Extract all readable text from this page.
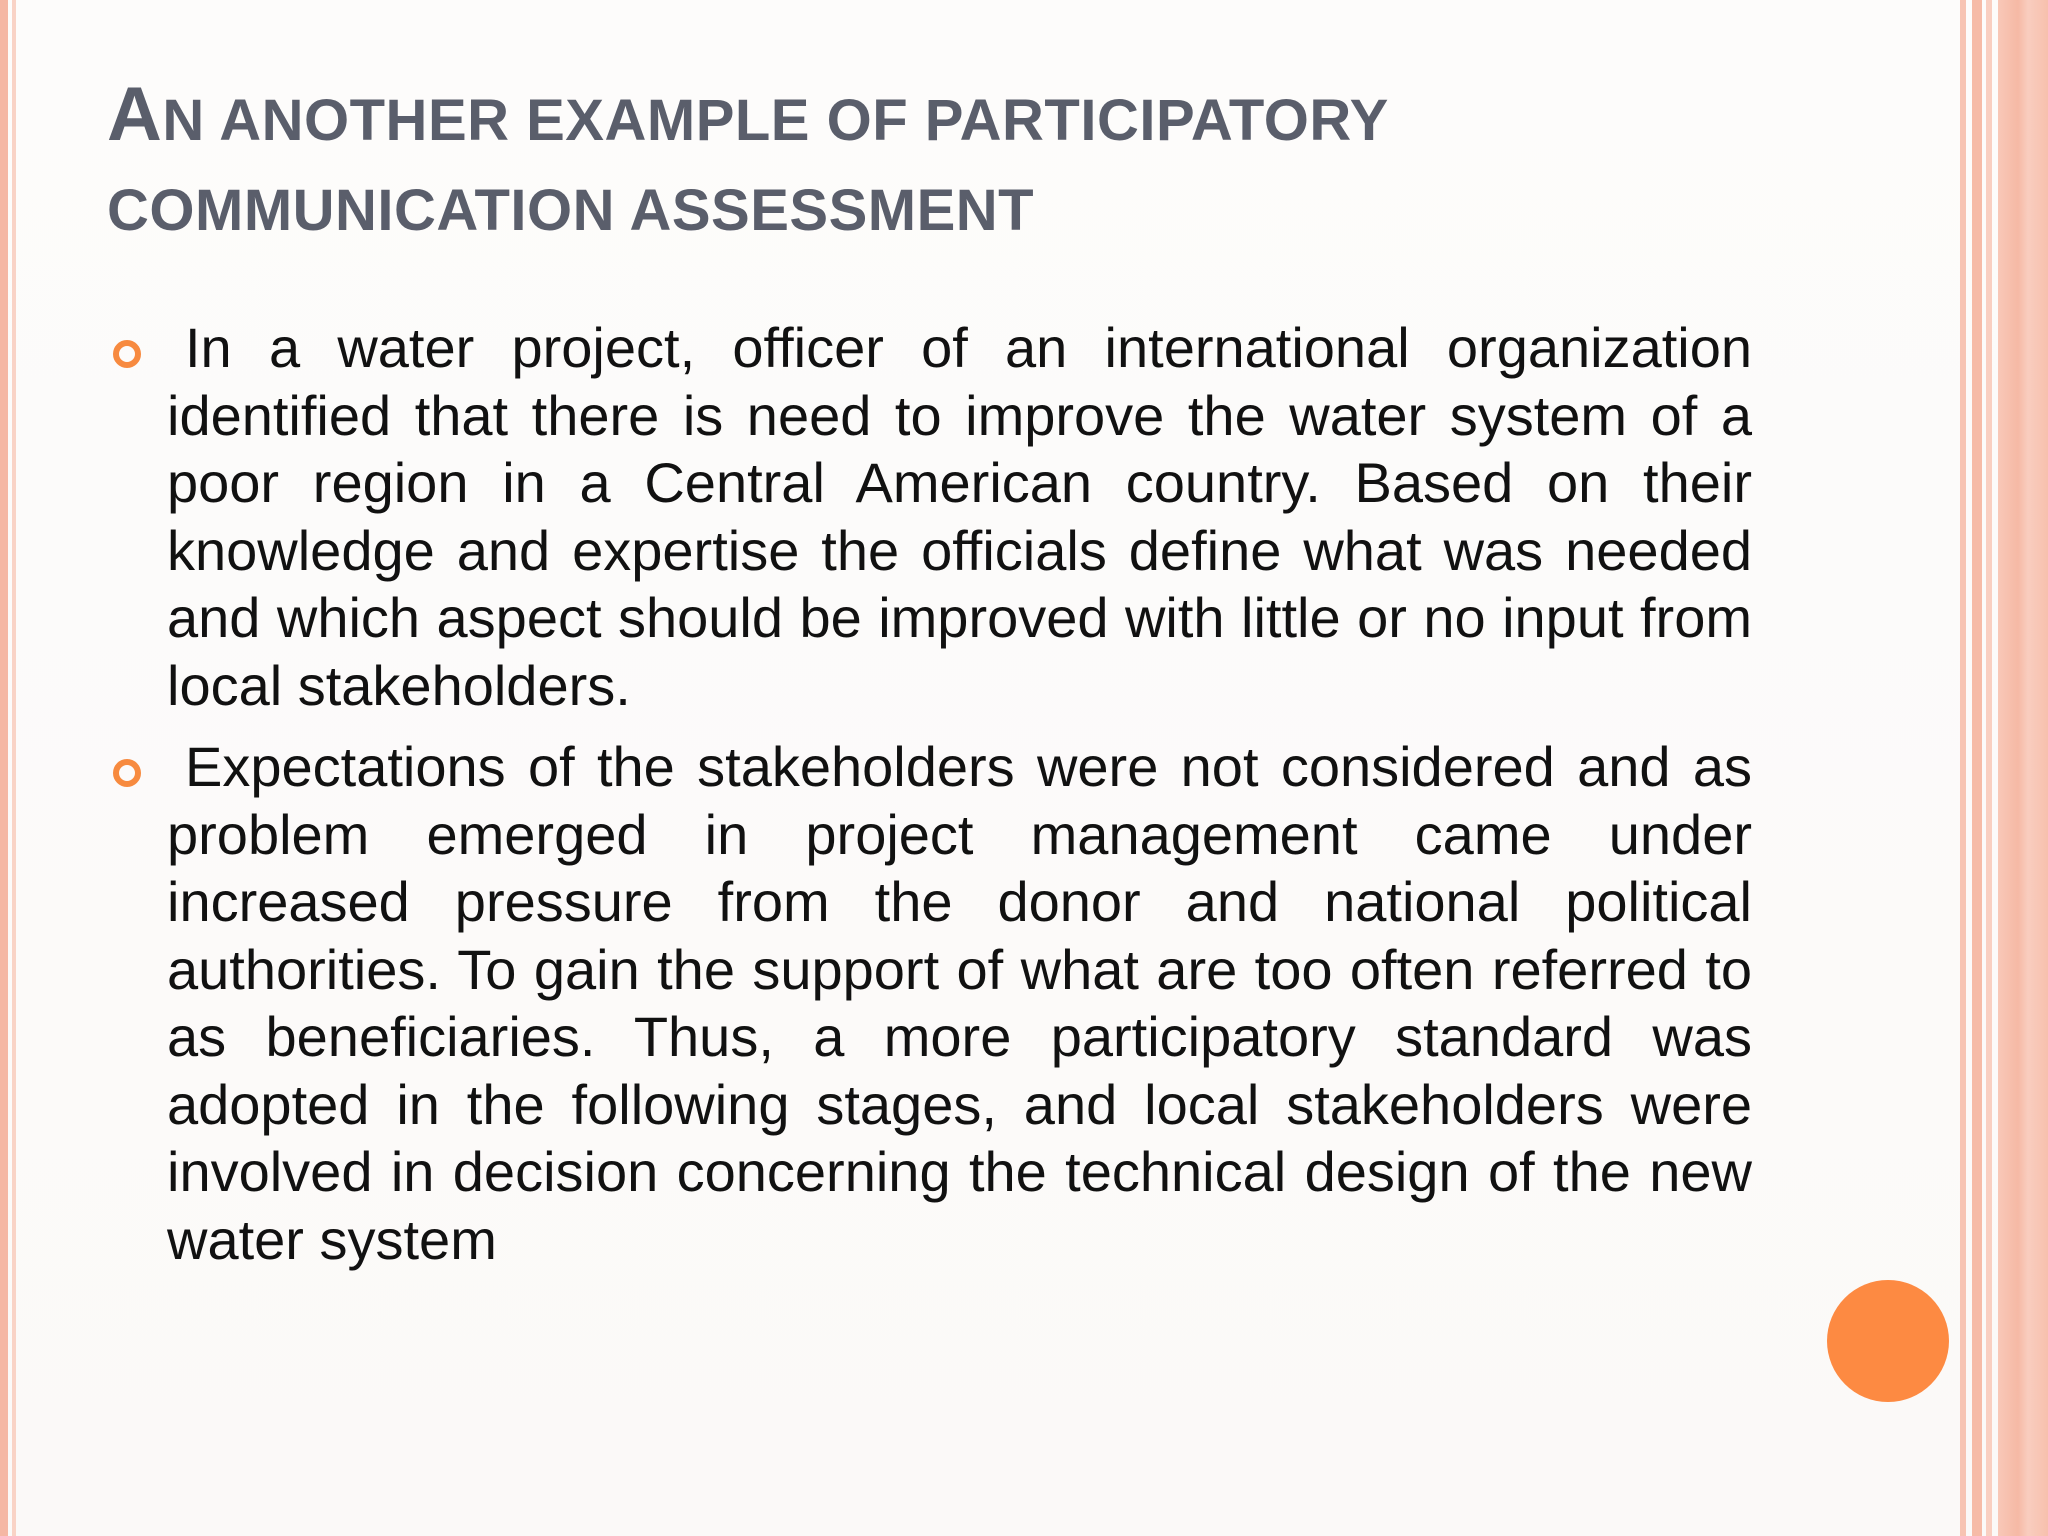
AN ANOTHER EXAMPLE OF PARTICIPATORY
COMMUNICATION ASSESSMENT
In a water project, officer of an international organization identified that there is need to improve the water system of a poor region in a Central American country. Based on their knowledge and expertise the officials define what was needed and which aspect should be improved with little or no input from local stakeholders.
Expectations of the stakeholders were not considered and as problem emerged in project management came under increased pressure from the donor and national political authorities. To gain the support of what are too often referred to as beneficiaries. Thus, a more participatory standard was adopted in the following stages, and local stakeholders were involved in decision concerning the technical design of the new water system
